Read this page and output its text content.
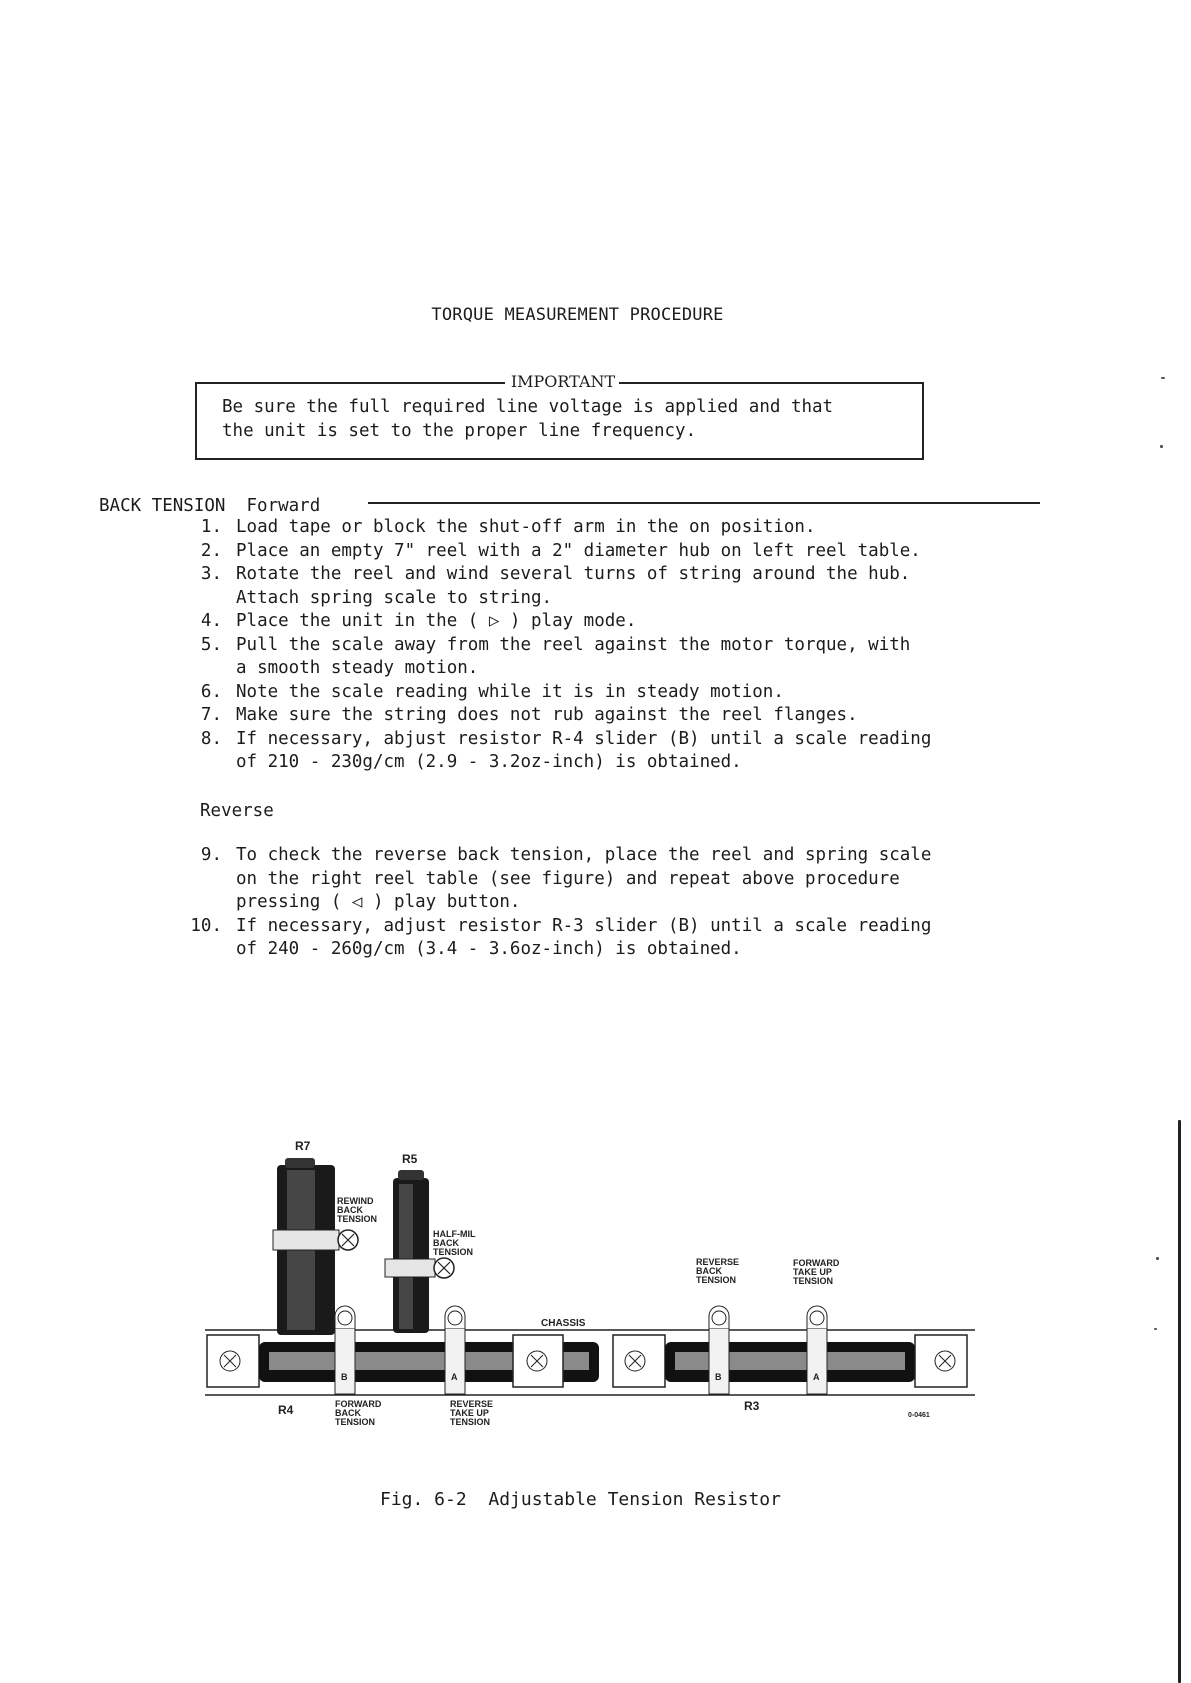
TORQUE MEASUREMENT PROCEDURE
IMPORTANT
Be sure the full required line voltage is applied and that
the unit is set to the proper line frequency.
BACK TENSION  Forward
1. Load tape or block the shut-off arm in the on position.
2. Place an empty 7" reel with a 2" diameter hub on left reel table.
3. Rotate the reel and wind several turns of string around the hub.
Attach spring scale to string.
4. Place the unit in the ( ▷ ) play mode.
5. Pull the scale away from the reel against the motor torque, with
a smooth steady motion.
6. Note the scale reading while it is in steady motion.
7. Make sure the string does not rub against the reel flanges.
8. If necessary, abjust resistor R-4 slider (B) until a scale reading
of 210 - 230g/cm (2.9 - 3.2oz-inch) is obtained.
9. To check the reverse back tension, place the reel and spring scale
on the right reel table (see figure) and repeat above procedure
pressing ( ◁ ) play button.
10. If necessary, adjust resistor R-3 slider (B) until a scale reading
of 240 - 260g/cm (3.4 - 3.6oz-inch) is obtained.
Reverse
R7
R5
REWIND
BACK
TENSION
HALF-MIL
BACK
TENSION
CHASSIS
REVERSE
BACK
TENSION
FORWARD
TAKE UP
TENSION
B	A	B	A
R4	FORWARD
BACK
TENSION
REVERSE
TAKE UP
TENSION
R3
0-0461
Fig. 6-2  Adjustable Tension Resistor
